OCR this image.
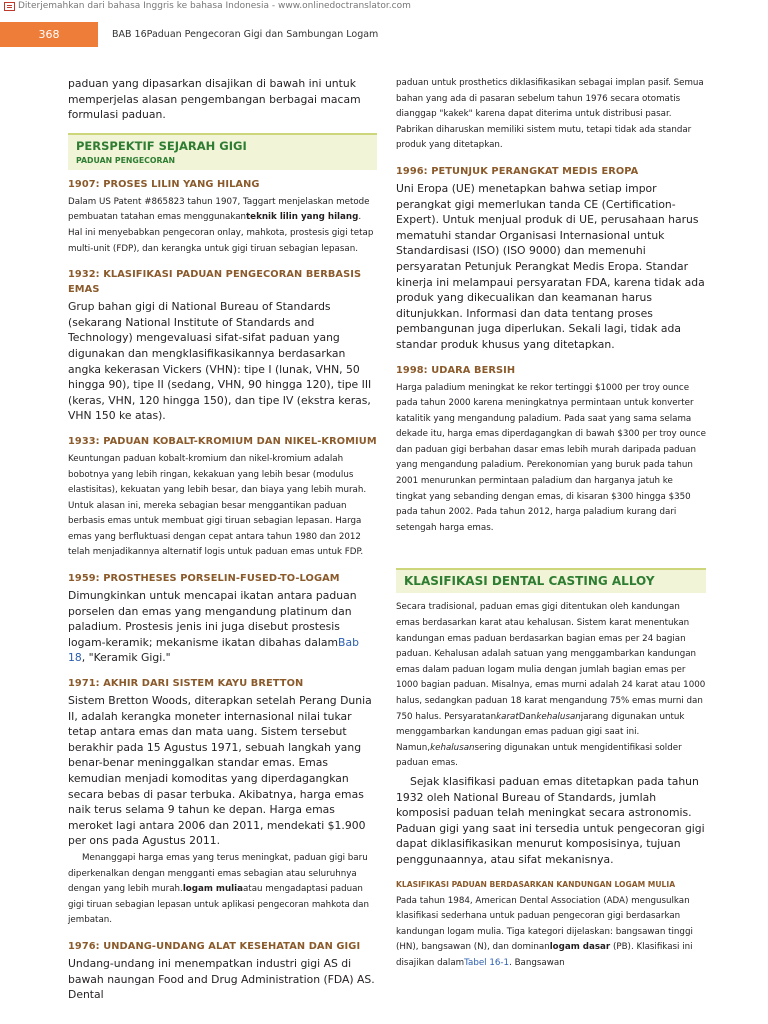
Diterjemahkan dari bahasa Inggris ke bahasa Indonesia - www.onlinedoctranslator.com
368	BAB 16Paduan Pengecoran Gigi dan Sambungan Logam

paduan yang dipasarkan disajikan di bawah ini untuk memperjelas alasan pengembangan berbagai macam formulasi paduan.

PERSPEKTIF SEJARAH GIGI
PADUAN PENGECORAN
1907: PROSES LILIN YANG HILANG

Dalam US Patent #865823 tahun 1907, Taggart menjelaskan metode pembuatan tatahan emas menggunakanteknik lilin yang hilang. Hal ini menyebabkan pengecoran onlay, mahkota, prostesis gigi tetap multi-unit (FDP), dan kerangka untuk gigi tiruan sebagian lepasan.

1932: KLASIFIKASI PADUAN PENGECORAN BERBASIS EMAS

Grup bahan gigi di National Bureau of Standards (sekarang National Institute of Standards and Technology) mengevaluasi sifat-sifat paduan yang digunakan dan mengklasifikasikannya berdasarkan angka kekerasan Vickers (VHN): tipe I (lunak, VHN, 50 hingga 90), tipe II (sedang, VHN, 90 hingga 120), tipe III (keras, VHN, 120 hingga 150), dan tipe IV (ekstra keras, VHN 150 ke atas).

1933: PADUAN KOBALT-KROMIUM DAN NIKEL-KROMIUM

Keuntungan paduan kobalt-kromium dan nikel-kromium adalah bobotnya yang lebih ringan, kekakuan yang lebih besar (modulus elastisitas), kekuatan yang lebih besar, dan biaya yang lebih murah. Untuk alasan ini, mereka sebagian besar menggantikan paduan berbasis emas untuk membuat gigi tiruan sebagian lepasan. Harga emas yang berfluktuasi dengan cepat antara tahun 1980 dan 2012 telah menjadikannya alternatif logis untuk paduan emas untuk FDP.

1959: PROSTHESES PORSELIN-FUSED-TO-LOGAM

Dimungkinkan untuk mencapai ikatan antara paduan porselen dan emas yang mengandung platinum dan paladium. Prostesis jenis ini juga disebut prostesis logam-keramik; mekanisme ikatan dibahas dalamBab 18, "Keramik Gigi."

1971: AKHIR DARI SISTEM KAYU BRETTON

Sistem Bretton Woods, diterapkan setelah Perang Dunia II, adalah kerangka moneter internasional nilai tukar tetap antara emas dan mata uang. Sistem tersebut berakhir pada 15 Agustus 1971, sebuah langkah yang benar-benar meninggalkan standar emas. Emas kemudian menjadi komoditas yang diperdagangkan secara bebas di pasar terbuka. Akibatnya, harga emas naik terus selama 9 tahun ke depan. Harga emas meroket lagi antara 2006 dan 2011, mendekati $1.900 per ons pada Agustus 2011.

Menanggapi harga emas yang terus meningkat, paduan gigi baru diperkenalkan dengan mengganti emas sebagian atau seluruhnya dengan yang lebih murah.logam muliaatau mengadaptasi paduan gigi tiruan sebagian lepasan untuk aplikasi pengecoran mahkota dan jembatan.

1976: UNDANG-UNDANG ALAT KESEHATAN DAN GIGI

Undang-undang ini menempatkan industri gigi AS di bawah naungan Food and Drug Administration (FDA) AS. Dental

paduan untuk prosthetics diklasifikasikan sebagai implan pasif. Semua bahan yang ada di pasaran sebelum tahun 1976 secara otomatis dianggap "kakek" karena dapat diterima untuk distribusi pasar. Pabrikan diharuskan memiliki sistem mutu, tetapi tidak ada standar produk yang ditetapkan.

1996: PETUNJUK PERANGKAT MEDIS EROPA

Uni Eropa (UE) menetapkan bahwa setiap impor perangkat gigi memerlukan tanda CE (Certification-Expert). Untuk menjual produk di UE, perusahaan harus mematuhi standar Organisasi Internasional untuk Standardisasi (ISO) (ISO 9000) dan memenuhi persyaratan Petunjuk Perangkat Medis Eropa. Standar kinerja ini melampaui persyaratan FDA, karena tidak ada produk yang dikecualikan dan keamanan harus ditunjukkan. Informasi dan data tentang proses pembangunan juga diperlukan. Sekali lagi, tidak ada standar produk khusus yang ditetapkan.

1998: UDARA BERSIH

Harga paladium meningkat ke rekor tertinggi $1000 per troy ounce pada tahun 2000 karena meningkatnya permintaan untuk konverter katalitik yang mengandung paladium. Pada saat yang sama selama dekade itu, harga emas diperdagangkan di bawah $300 per troy ounce dan paduan gigi berbahan dasar emas lebih murah daripada paduan yang mengandung paladium. Perekonomian yang buruk pada tahun 2001 menurunkan permintaan paladium dan harganya jatuh ke tingkat yang sebanding dengan emas, di kisaran $300 hingga $350 pada tahun 2002. Pada tahun 2012, harga paladium kurang dari setengah harga emas.

KLASIFIKASI DENTAL CASTING ALLOY

Secara tradisional, paduan emas gigi ditentukan oleh kandungan emas berdasarkan karat atau kehalusan. Sistem karat menentukan kandungan emas paduan berdasarkan bagian emas per 24 bagian paduan. Kehalusan adalah satuan yang menggambarkan kandungan emas dalam paduan logam mulia dengan jumlah bagian emas per 1000 bagian paduan. Misalnya, emas murni adalah 24 karat atau 1000 halus, sedangkan paduan 18 karat mengandung 75% emas murni dan 750 halus. PersyaratankaratDankehalusanjarang digunakan untuk menggambarkan kandungan emas paduan gigi saat ini. Namun,kehalusansering digunakan untuk mengidentifikasi solder paduan emas.

Sejak klasifikasi paduan emas ditetapkan pada tahun 1932 oleh National Bureau of Standards, jumlah komposisi paduan telah meningkat secara astronomis. Paduan gigi yang saat ini tersedia untuk pengecoran gigi dapat diklasifikasikan menurut komposisinya, tujuan penggunaannya, atau sifat mekanisnya.

KLASIFIKASI PADUAN BERDASARKAN KANDUNGAN LOGAM MULIA

Pada tahun 1984, American Dental Association (ADA) mengusulkan klasifikasi sederhana untuk paduan pengecoran gigi berdasarkan kandungan logam mulia. Tiga kategori dijelaskan: bangsawan tinggi (HN), bangsawan (N), dan dominanlogam dasar (PB). Klasifikasi ini disajikan dalamTabel 16-1. Bangsawan
